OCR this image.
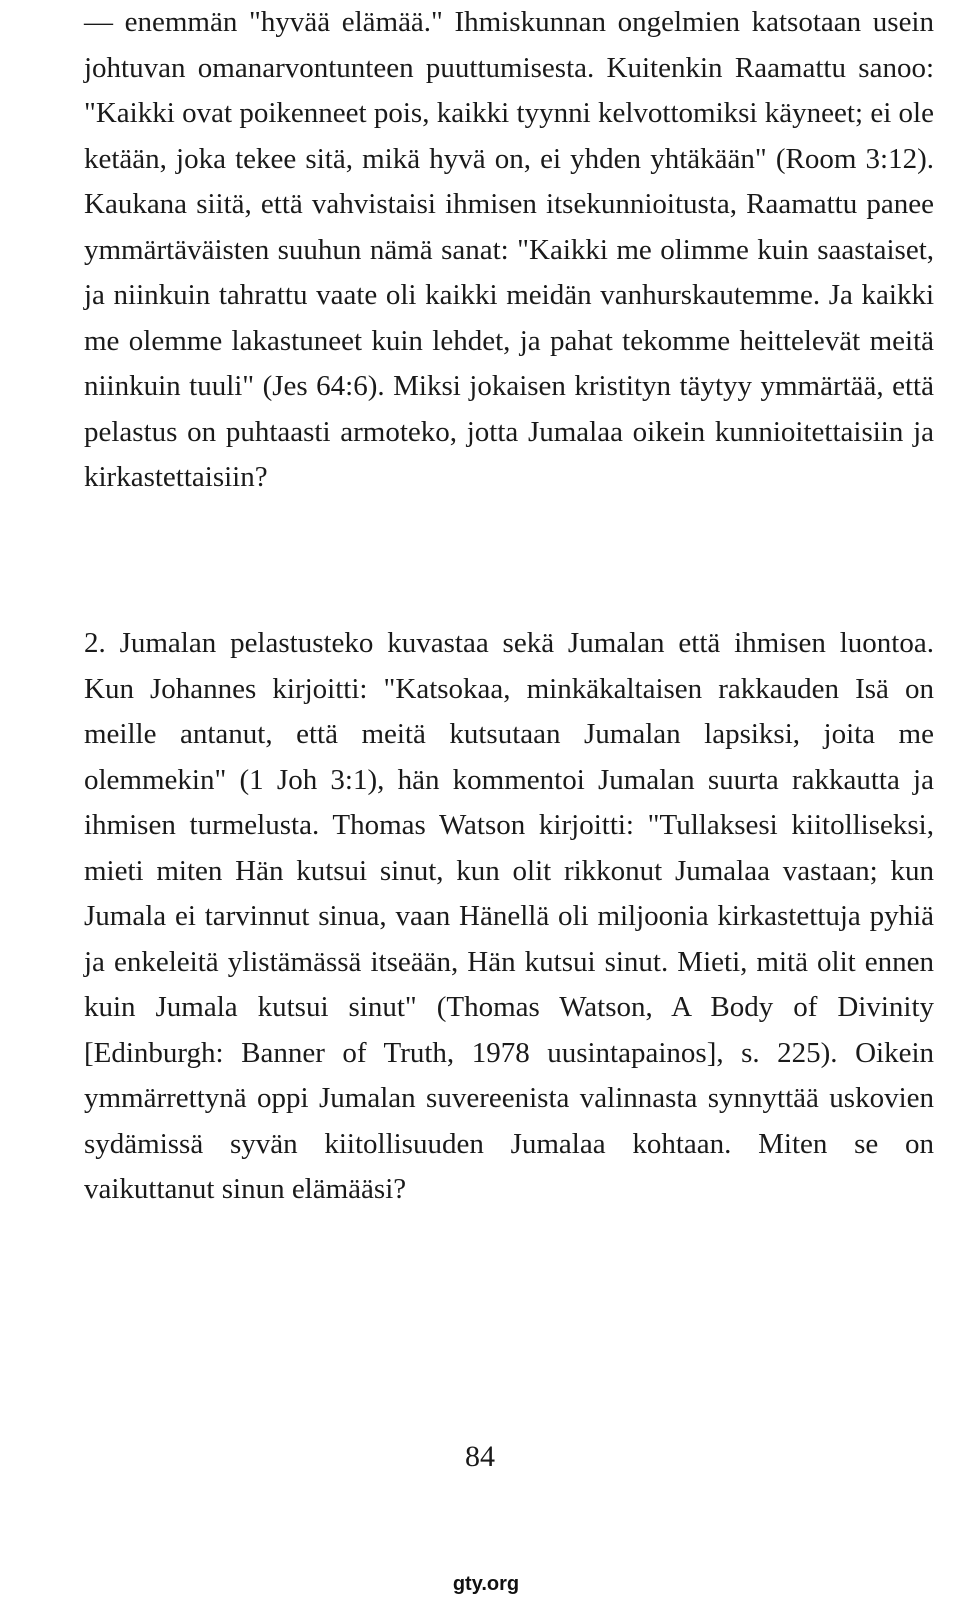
— enemmän "hyvää elämää." Ihmiskunnan ongelmien katsotaan usein johtuvan omanarvontunteen puuttumisesta. Kuitenkin Raamattu sanoo: "Kaikki ovat poikenneet pois, kaikki tyynni kelvottomiksi käyneet; ei ole ketään, joka tekee sitä, mikä hyvä on, ei yhden yhtäkään" (Room 3:12). Kaukana siitä, että vahvistaisi ihmisen itsekunnioitusta, Raamattu panee ymmärtäväisten suuhun nämä sanat: "Kaikki me olimme kuin saastaiset, ja niinkuin tahrattu vaate oli kaikki meidän vanhurskautemme. Ja kaikki me olemme lakastuneet kuin lehdet, ja pahat tekomme heittelevät meitä niinkuin tuuli" (Jes 64:6). Miksi jokaisen kristityn täytyy ymmärtää, että pelastus on puhtaasti armoteko, jotta Jumalaa oikein kunnioitettaisiin ja kirkastettaisiin?
2. Jumalan pelastusteko kuvastaa sekä Jumalan että ihmisen luontoa. Kun Johannes kirjoitti: "Katsokaa, minkäkaltaisen rakkauden Isä on meille antanut, että meitä kutsutaan Jumalan lapsiksi, joita me olemmekin" (1 Joh 3:1), hän kommentoi Jumalan suurta rakkautta ja ihmisen turmelusta. Thomas Watson kirjoitti: "Tullaksesi kiitolliseksi, mieti miten Hän kutsui sinut, kun olit rikkonut Jumalaa vastaan; kun Jumala ei tarvinnut sinua, vaan Hänellä oli miljoonia kirkastettuja pyhiä ja enkeleitä ylistämässä itseään, Hän kutsui sinut. Mieti, mitä olit ennen kuin Jumala kutsui sinut" (Thomas Watson, A Body of Divinity [Edinburgh: Banner of Truth, 1978 uusintapainos], s. 225). Oikein ymmärrettynä oppi Jumalan suvereenista valinnasta synnyttää uskovien sydämissä syvän kiitollisuuden Jumalaa kohtaan. Miten se on vaikuttanut sinun elämääsi?
84
gty.org
